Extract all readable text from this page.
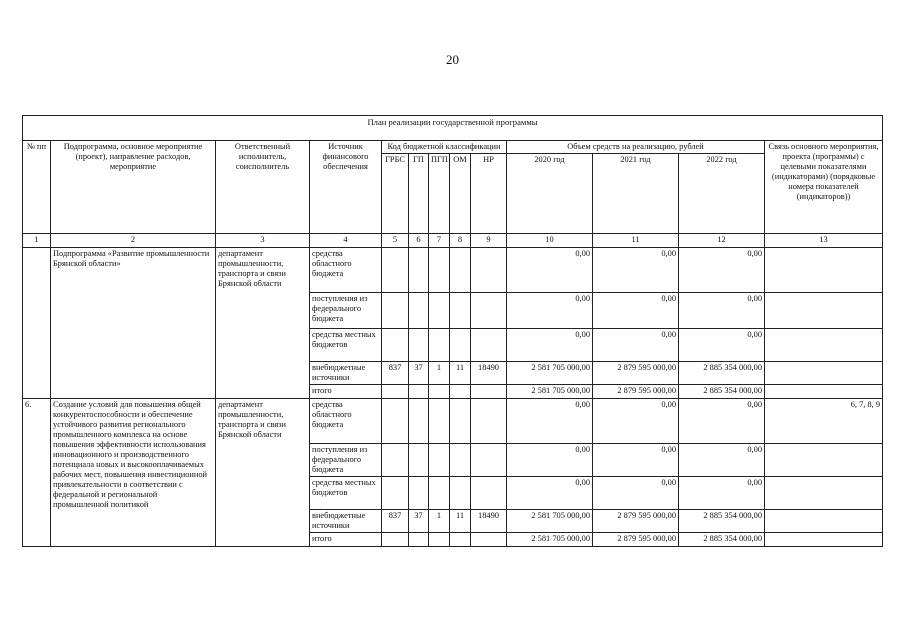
20
План реализации государственной программы												
№ пп	Подпрограмма, основное мероприятие (проект), направление расходов, мероприятие	Ответственный исполнитель, соисполнитель	Источник финансового обеспечения	Код бюджетной классификации					Объем средств на реализацию, рублей			Связь основного мероприятия, проекта (программы) с целевыми показателями (индикаторами) (порядковые номера показателей (индикаторов))
				ГРБС	ГП	ПГП	ОМ	НР	2020 год	2021 год	2022 год	
1	2	3	4	5	6	7	8	9	10	11	12	13
	Подпрограмма «Развитие промышленности Брянской области»	департамент промышленности, транспорта и связи Брянской области	средства областного бюджета						0,00	0,00	0,00	
			поступления из федерального бюджета						0,00	0,00	0,00	
			средства местных бюджетов						0,00	0,00	0,00	
			внебюджетные источники	837	37	1	11	18490	2 581 705 000,00	2 879 595 000,00	2 885 354 000,00	
			итого						2 581 705 000,00	2 879 595 000,00	2 885 354 000,00	
6.	Создание условий для повышения общей конкурентоспособности и обеспечение устойчивого развития регионального промышленного комплекса на основе повышения эффективности использования инновационного и производственного потенциала новых и высокооплачиваемых рабочих мест, повышения инвестиционной привлекательности в соответствии с федеральной и региональной промышленной политикой	департамент промышленности, транспорта и связи Брянской области	средства областного бюджета						0,00	0,00	0,00	6, 7, 8, 9
			поступления из федерального бюджета						0,00	0,00	0,00	
			средства местных бюджетов						0,00	0,00	0,00	
			внебюджетные источники	837	37	1	11	18490	2 581 705 000,00	2 879 595 000,00	2 885 354 000,00	
			итого						2 581 705 000,00	2 879 595 000,00	2 885 354 000,00	
